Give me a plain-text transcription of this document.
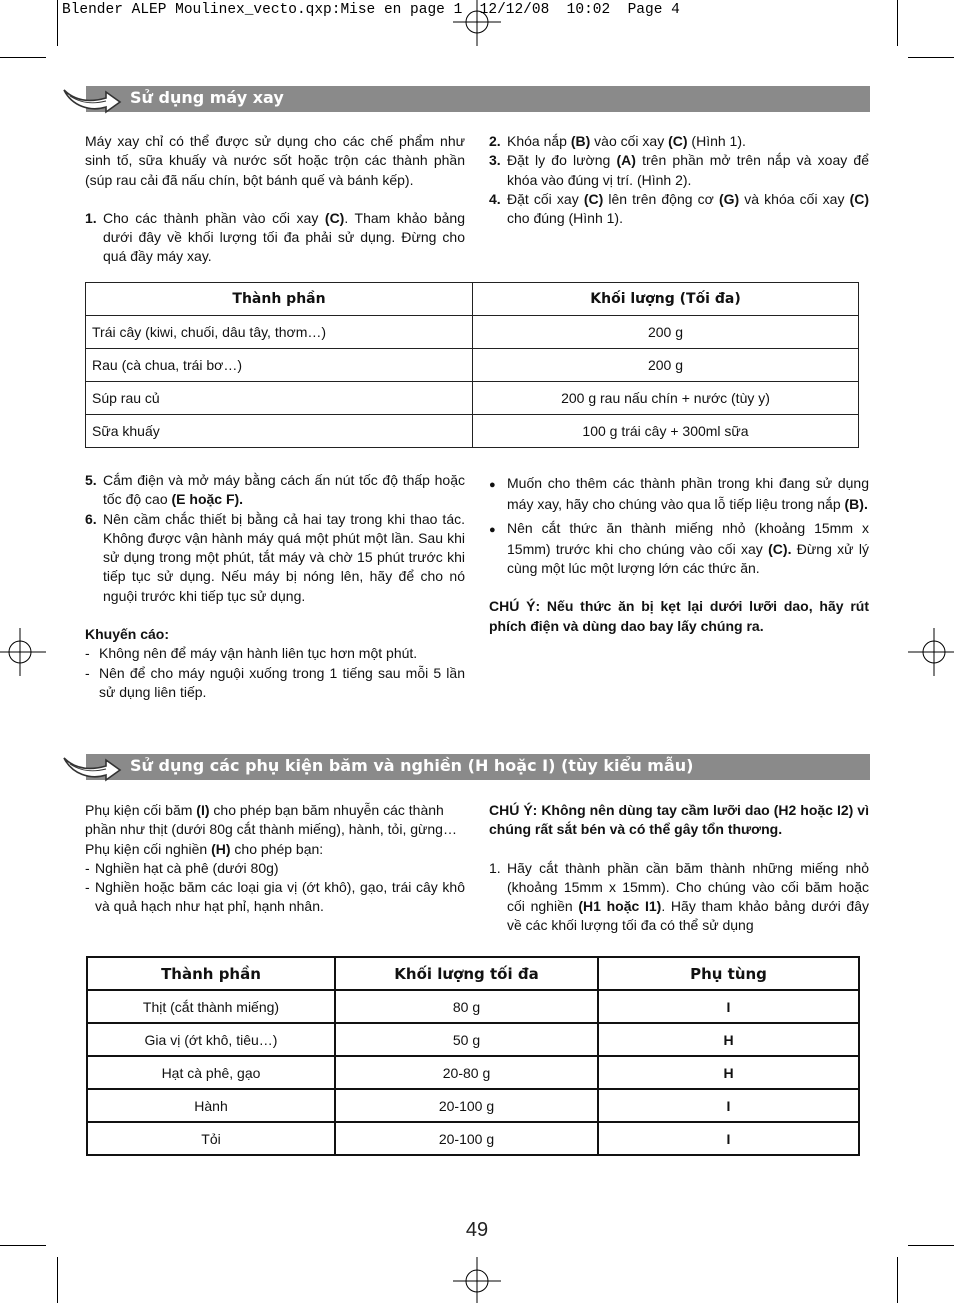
Blender ALEP Moulinex_vecto.qxp:Mise en page 1  12/12/08  10:02  Page 4
Sử dụng máy xay

Máy xay chỉ có thể được sử dụng cho các chế phẩm như sinh tố, sữa khuấy và nước sốt hoặc trộn các thành phần (súp rau cải đã nấu chín, bột bánh quế và bánh kếp).

1. Cho các thành phần vào cối xay (C). Tham khảo bảng dưới đây về khối lượng tối đa phải sử dụng. Đừng cho quá đầy máy xay.

2. Khóa nắp (B) vào cối xay (C) (Hình 1).

3. Đặt ly đo lường (A) trên phần mở trên nắp và xoay để khóa vào đúng vị trí. (Hình 2).

4. Đặt cối xay (C) lên trên động cơ (G) và khóa cối xay (C) cho đúng (Hình 1).

Thành phần	Khối lượng (Tối đa)
Trái cây (kiwi, chuối, dâu tây, thơm…)	200 g
Rau (cà chua, trái bơ…)	200 g
Súp rau củ	200 g rau nấu chín + nước (tùy y)
Sữa khuấy	100 g trái cây + 300ml sữa

5. Cắm điện và mở máy bằng cách ấn nút tốc độ thấp hoặc tốc độ cao (E hoặc F).

6. Nên cầm chắc thiết bị bằng cả hai tay trong khi thao tác. Không được vận hành máy quá một phút một lần. Sau khi sử dụng trong một phút, tắt máy và chờ 15 phút trước khi tiếp tục sử dụng. Nếu máy bị nóng lên, hãy để cho nó nguội trước khi tiếp tục sử dụng.

Khuyến cáo:

- Không nên để máy vận hành liên tục hơn một phút.

- Nên để cho máy nguội xuống trong 1 tiếng sau mỗi 5 lần sử dụng liên tiếp.

● Muốn cho thêm các thành phần trong khi đang sử dụng máy xay, hãy cho chúng vào qua lỗ tiếp liệu trong nắp (B).

● Nên cắt thức ăn thành miếng nhỏ (khoảng 15mm x 15mm) trước khi cho chúng vào cối xay (C). Đừng xử lý cùng một lúc một lượng lớn các thức ăn.

CHÚ Ý: Nếu thức ăn bị kẹt lại dưới lưỡi dao, hãy rút phích điện và dùng dao bay lấy chúng ra.

Sử dụng các phụ kiện băm và nghiền (H hoặc I) (tùy kiểu mẫu)

Phụ kiện cối băm (I) cho phép bạn băm nhuyễn các thành phần như thịt (dưới 80g cắt thành miếng), hành, tỏi, gừng…

Phụ kiện cối nghiền (H) cho phép bạn:

- Nghiền hạt cà phê (dưới 80g)

- Nghiền hoặc băm các loại gia vị (ớt khô), gạo, trái cây khô và quả hạch như hạt phỉ, hạnh nhân.

CHÚ Ý: Không nên dùng tay cầm lưỡi dao (H2 hoặc I2) vì chúng rất sắt bén và có thể gây tổn thương.

1. Hãy cắt thành phần cần băm thành những miếng nhỏ (khoảng 15mm x 15mm). Cho chúng vào cối băm hoặc cối nghiền (H1 hoặc I1). Hãy tham khảo bảng dưới đây về các khối lượng tối đa có thể sử dụng

Thành phần	Khối lượng tối đa	Phụ tùng
Thịt (cắt thành miếng)	80 g	I
Gia vị (ớt khô, tiêu…)	50 g	H
Hạt cà phê, gạo	20-80 g	H
Hành	20-100 g	I
Tỏi	20-100 g	I
49
